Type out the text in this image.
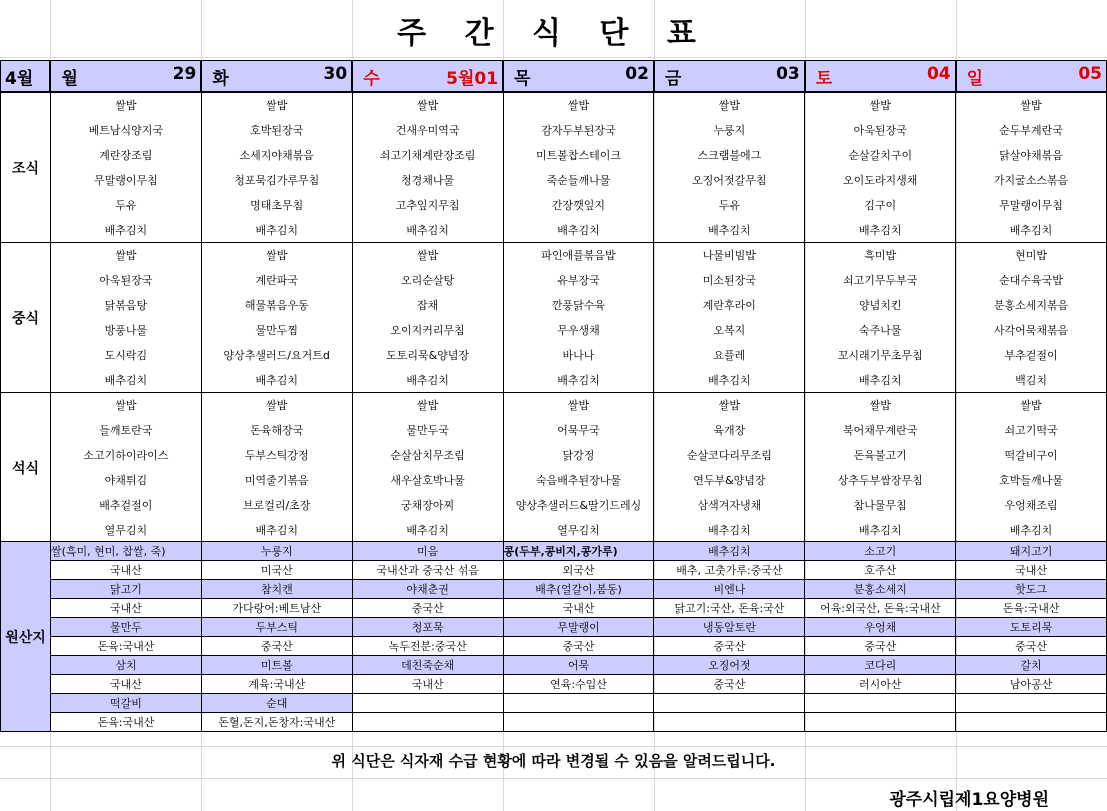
주 간 식 단 표
4월	월	29	화	30	수	5월01	목	02	금	03	토	04	일	05
조식	쌀밥	쌀밥	쌀밥	쌀밥	쌀밥	쌀밥	쌀밥
	베트남식양지국	호박된장국	건새우미역국	감자두부된장국	누룽지	아욱된장국	순두부계란국
	계란장조림	소세지야채볶음	쇠고기채계란장조림	미트볼찹스테이크	스크램블에그	순살갈치구이	닭살야채볶음
	무말랭이무침	청포묵김가루무침	청경채나물	죽순들깨나물	오징어젓갈무침	오이도라지생채	가지굴소스볶음
	두유	명태초무침	고추잎지무침	간장깻잎지	두유	김구이	무말랭이무침
	배추김치	배추김치	배추김치	배추김치	배추김치	배추김치	배추김치
중식	쌀밥	쌀밥	쌀밥	파인애플볶음밥	나물비빔밥	흑미밥	현미밥
	아욱된장국	계란파국	오리순살탕	유부장국	미소된장국	쇠고기무두부국	순대수육국밥
	닭볶음탕	해물볶음우동	잡채	깐풍닭수육	계란후라이	양념치킨	분홍소세지볶음
	방풍나물	물만두찜	오이지커리무침	무우생채	오복지	숙주나물	사각어묵채볶음
	도시락김	양상추샐러드/요거트d	도토리묵&양념장	바나나	요플레	꼬시래기무초무침	부추겉절이
	배추김치	배추김치	배추김치	배추김치	배추김치	배추김치	백김치
석식	쌀밥	쌀밥	쌀밥	쌀밥	쌀밥	쌀밥	쌀밥
	들깨토란국	돈육해장국	물만두국	어묵무국	육개장	북어채무계란국	쇠고기떡국
	소고기하이라이스	두부스틱강정	순살삼치무조림	닭강정	순살코다리무조림	돈육불고기	떡갈비구이
	야채튀김	미역줄기볶음	새우살호박나물	숙음배추된장나물	연두부&양념장	상추두부쌈장무침	호박들깨나물
	배추겉절이	브로컬리/초장	궁채장아찌	양상추샐러드&딸기드레싱	삼색겨자냉채	참나물무침	우엉채조림
	열무김치	배추김치	배추김치	열무김치	배추김치	배추김치	배추김치
원산지	쌀(흑미, 현미, 찹쌀, 죽)	누룽지	미음	콩(두부,콩비지,콩가루)	배추김치	소고기	돼지고기
	국내산	미국산	국내산과 중국산 섞음	외국산	배추, 고춧가루:중국산	호주산	국내산
	닭고기	참치캔	야채춘권	배추(얼갈이,봄동)	비엔나	분홍소세지	핫도그
	국내산	가다랑어:베트남산	중국산	국내산	닭고기:국산, 돈육:국산	어육:외국산, 돈육:국내산	돈육:국내산
	물만두	두부스틱	청포묵	무말랭이	냉동알토란	우엉채	도토리묵
	돈육:국내산	중국산	녹두전분:중국산	중국산	중국산	중국산	중국산
	삼치	미트볼	데친죽순채	어묵	오징어젓	코다리	갈치
	국내산	계육:국내산	국내산	연육:수입산	중국산	러시아산	남아공산
	떡갈비	순대					
	돈육:국내산	돈혈,돈지,돈창자:국내산					
위 식단은 식자재 수급 현황에 따라 변경될 수 있음을 알려드립니다.
광주시립제1요양병원
